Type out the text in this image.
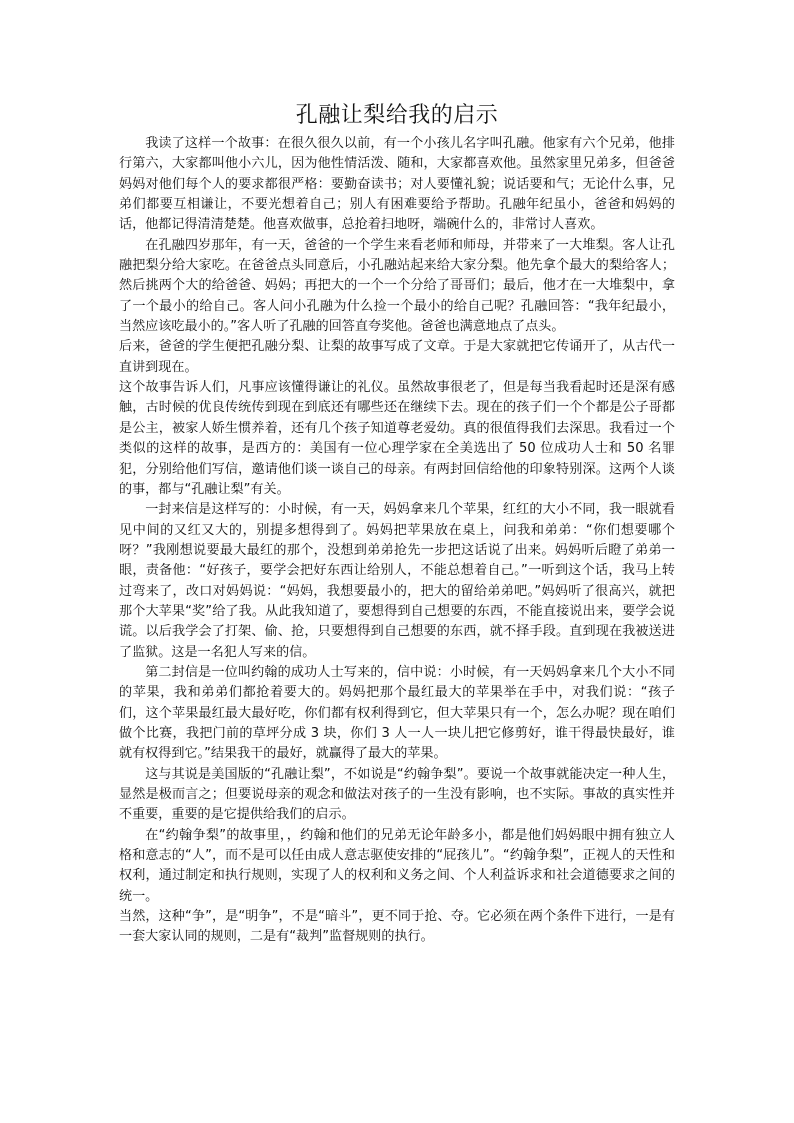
孔融让梨给我的启示

我读了这样一个故事：在很久很久以前，有一个小孩儿名字叫孔融。他家有六个兄弟，他排行第六，大家都叫他小六儿，因为他性情活泼、随和，大家都喜欢他。虽然家里兄弟多，但爸爸妈妈对他们每个人的要求都很严格：要勤奋读书；对人要懂礼貌；说话要和气；无论什么事，兄弟们都要互相谦让，不要光想着自己；别人有困难要给予帮助。孔融年纪虽小，爸爸和妈妈的话，他都记得清清楚楚。他喜欢做事，总抢着扫地呀，端碗什么的，非常讨人喜欢。

在孔融四岁那年，有一天，爸爸的一个学生来看老师和师母，并带来了一大堆梨。客人让孔融把梨分给大家吃。在爸爸点头同意后，小孔融站起来给大家分梨。他先拿个最大的梨给客人；然后挑两个大的给爸爸、妈妈；再把大的一个一个分给了哥哥们；最后，他才在一大堆梨中，拿了一个最小的给自己。客人问小孔融为什么捡一个最小的给自己呢？孔融回答：“我年纪最小，当然应该吃最小的。”客人听了孔融的回答直夸奖他。爸爸也满意地点了点头。

后来，爸爸的学生便把孔融分梨、让梨的故事写成了文章。于是大家就把它传诵开了，从古代一直讲到现在。

这个故事告诉人们，凡事应该懂得谦让的礼仪。虽然故事很老了，但是每当我看起时还是深有感触，古时候的优良传统传到现在到底还有哪些还在继续下去。现在的孩子们一个个都是公子哥都是公主，被家人娇生惯养着，还有几个孩子知道尊老爱幼。真的很值得我们去深思。我看过一个类似的这样的故事，是西方的：美国有一位心理学家在全美选出了 50 位成功人士和 50 名罪犯，分别给他们写信，邀请他们谈一谈自己的母亲。有两封回信给他的印象特别深。这两个人谈的事，都与“孔融让梨”有关。

一封来信是这样写的：小时候，有一天，妈妈拿来几个苹果，红红的大小不同，我一眼就看见中间的又红又大的，别提多想得到了。妈妈把苹果放在桌上，问我和弟弟：“你们想要哪个呀？”我刚想说要最大最红的那个，没想到弟弟抢先一步把这话说了出来。妈妈听后瞪了弟弟一眼，责备他：“好孩子，要学会把好东西让给别人，不能总想着自己。”一听到这个话，我马上转过弯来了，改口对妈妈说：“妈妈，我想要最小的，把大的留给弟弟吧。”妈妈听了很高兴，就把那个大苹果“奖”给了我。从此我知道了，要想得到自己想要的东西，不能直接说出来，要学会说谎。以后我学会了打架、偷、抢，只要想得到自己想要的东西，就不择手段。直到现在我被送进了监狱。这是一名犯人写来的信。

第二封信是一位叫约翰的成功人士写来的，信中说：小时候，有一天妈妈拿来几个大小不同的苹果，我和弟弟们都抢着要大的。妈妈把那个最红最大的苹果举在手中，对我们说：“孩子们，这个苹果最红最大最好吃，你们都有权利得到它，但大苹果只有一个，怎么办呢？现在咱们做个比赛，我把门前的草坪分成 3 块，你们 3 人一人一块儿把它修剪好，谁干得最快最好，谁就有权得到它。”结果我干的最好，就赢得了最大的苹果。

这与其说是美国版的“孔融让梨”，不如说是“约翰争梨”。要说一个故事就能决定一种人生，显然是极而言之；但要说母亲的观念和做法对孩子的一生没有影响，也不实际。事故的真实性并不重要，重要的是它提供给我们的启示。

在“约翰争梨”的故事里，，约翰和他们的兄弟无论年龄多小，都是他们妈妈眼中拥有独立人格和意志的“人”，而不是可以任由成人意志驱使安排的“屁孩儿”。“约翰争梨”，正视人的天性和权利，通过制定和执行规则，实现了人的权利和义务之间、个人利益诉求和社会道德要求之间的统一。

当然，这种“争”，是“明争”，不是“暗斗”，更不同于抢、夺。它必须在两个条件下进行，一是有一套大家认同的规则，二是有“裁判”监督规则的执行。
